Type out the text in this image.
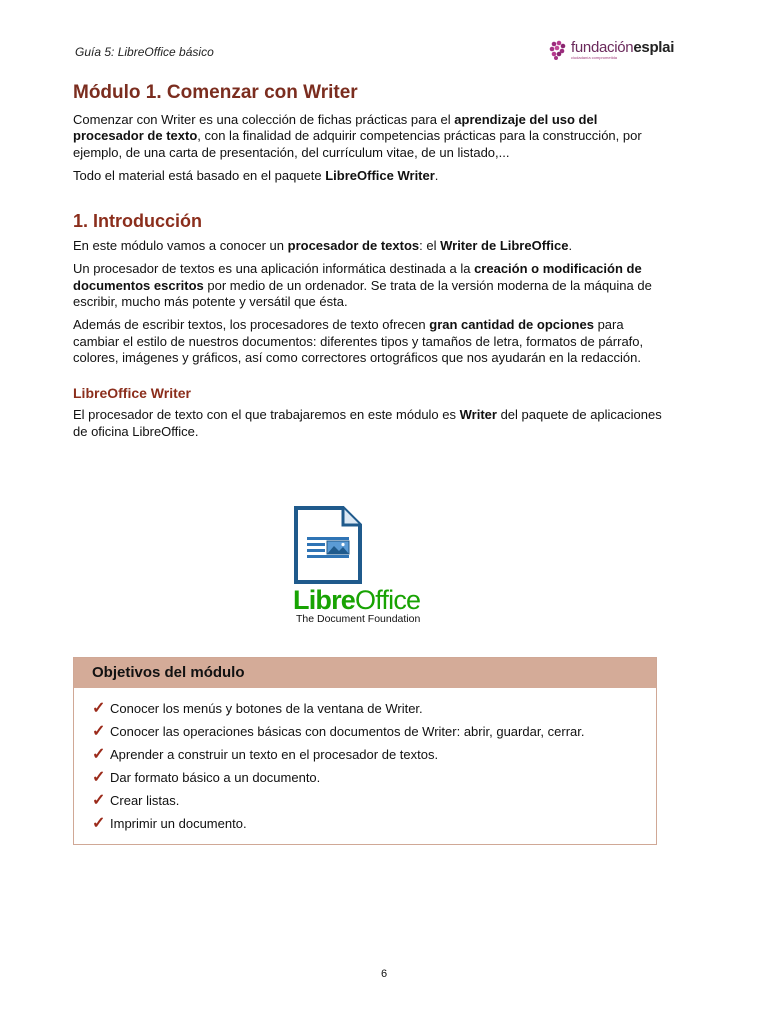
Guía 5: LibreOffice básico	fundaciónesplai
ciudadanía comprometida
Módulo 1. Comenzar con Writer

Comenzar con Writer es una colección de fichas prácticas para el aprendizaje del uso del procesador de texto, con la finalidad de adquirir competencias prácticas para la construcción, por ejemplo, de una carta de presentación, del currículum vitae, de un listado,...

Todo el material está basado en el paquete LibreOffice Writer.

1. Introducción

En este módulo vamos a conocer un procesador de textos: el Writer de LibreOffice.

Un procesador de textos es una aplicación informática destinada a la creación o modificación de documentos escritos por medio de un ordenador. Se trata de la versión moderna de la máquina de escribir, mucho más potente y versátil que ésta.

Además de escribir textos, los procesadores de texto ofrecen gran cantidad de opciones para cambiar el estilo de nuestros documentos: diferentes tipos y tamaños de letra, formatos de párrafo, colores, imágenes y gráficos, así como correctores ortográficos que nos ayudarán en la redacción.

LibreOffice Writer

El procesador de texto con el que trabajaremos en este módulo es Writer del paquete de aplicaciones de oficina LibreOffice.

LibreOffice
The Document Foundation
Objetivos del módulo
✓ Conocer los menús y botones de la ventana de Writer.
✓ Conocer las operaciones básicas con documentos de Writer: abrir, guardar, cerrar.
✓ Aprender a construir un texto en el procesador de textos.
✓ Dar formato básico a un documento.
✓ Crear listas.
✓ Imprimir un documento.
6
